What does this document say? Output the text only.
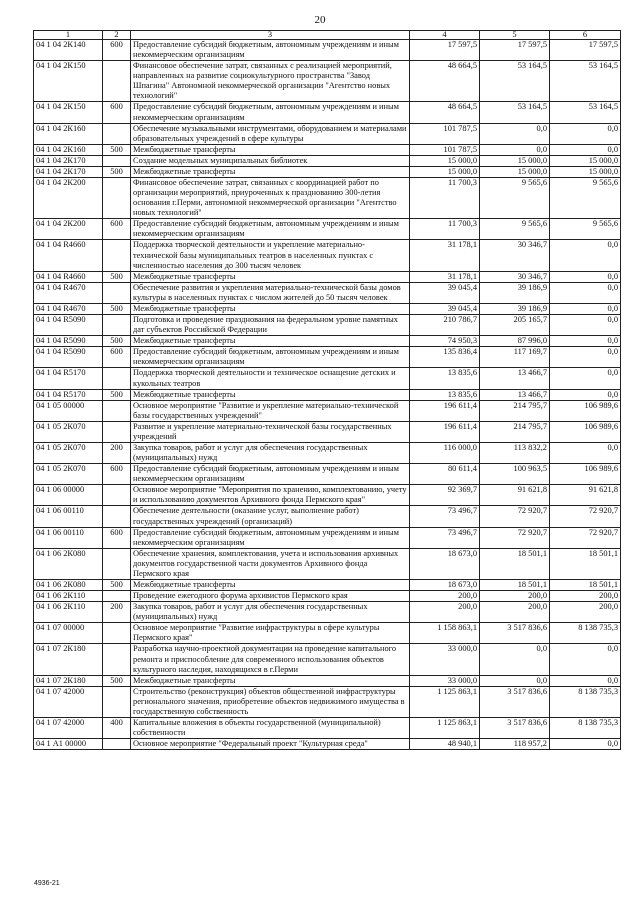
20
1	2	3	4	5	6
04 1 04 2К140	600	Предоставление субсидий бюджетным, автономным учреждениям и иным некоммерческим организациям	17 597,5	17 597,5	17 597,5
04 1 04 2К150		Финансовое обеспечение затрат, связанных с реализацией мероприятий, направленных на развитие социокультурного пространства "Завод Шпагина" Автономной некоммерческой организации "Агентство новых технологий"	48 664,5	53 164,5	53 164,5
04 1 04 2К150	600	Предоставление субсидий бюджетным, автономным учреждениям и иным некоммерческим организациям	48 664,5	53 164,5	53 164,5
04 1 04 2К160		Обеспечение музыкальными инструментами, оборудованием и материалами образовательных учреждений в сфере культуры	101 787,5	0,0	0,0
04 1 04 2К160	500	Межбюджетные трансферты	101 787,5	0,0	0,0
04 1 04 2К170		Создание модельных муниципальных библиотек	15 000,0	15 000,0	15 000,0
04 1 04 2К170	500	Межбюджетные трансферты	15 000,0	15 000,0	15 000,0
04 1 04 2К200		Финансовое обеспечение затрат, связанных с координацией работ по организации мероприятий, приуроченных к празднованию 300-летия основания г.Перми, автономной некоммерческой организации "Агентство новых технологий"	11 700,3	9 565,6	9 565,6
04 1 04 2К200	600	Предоставление субсидий бюджетным, автономным учреждениям и иным некоммерческим организациям	11 700,3	9 565,6	9 565,6
04 1 04 R4660		Поддержка творческой деятельности и укрепление материально-технической базы муниципальных театров в населенных пунктах с численностью населения до 300 тысяч человек	31 178,1	30 346,7	0,0
04 1 04 R4660	500	Межбюджетные трансферты	31 178,1	30 346,7	0,0
04 1 04 R4670		Обеспечение развития и укрепления материально-технической базы домов культуры в населенных пунктах с числом жителей до 50 тысяч человек	39 045,4	39 186,9	0,0
04 1 04 R4670	500	Межбюджетные трансферты	39 045,4	39 186,9	0,0
04 1 04 R5090		Подготовка и проведение празднования на федеральном уровне памятных дат субъектов Российской Федерации	210 786,7	205 165,7	0,0
04 1 04 R5090	500	Межбюджетные трансферты	74 950,3	87 996,0	0,0
04 1 04 R5090	600	Предоставление субсидий бюджетным, автономным учреждениям и иным некоммерческим организациям	135 836,4	117 169,7	0,0
04 1 04 R5170		Поддержка творческой деятельности и техническое оснащение детских и кукольных театров	13 835,6	13 466,7	0,0
04 1 04 R5170	500	Межбюджетные трансферты	13 835,6	13 466,7	0,0
04 1 05 00000		Основное мероприятие "Развитие и укрепление материально-технической базы государственных учреждений"	196 611,4	214 795,7	106 989,6
04 1 05 2К070		Развитие и укрепление материально-технической базы государственных учреждений	196 611,4	214 795,7	106 989,6
04 1 05 2К070	200	Закупка товаров, работ и услуг для обеспечения государственных (муниципальных) нужд	116 000,0	113 832,2	0,0
04 1 05 2К070	600	Предоставление субсидий бюджетным, автономным учреждениям и иным некоммерческим организациям	80 611,4	100 963,5	106 989,6
04 1 06 00000		Основное мероприятие "Мероприятия по хранению, комплектованию, учету и использованию документов Архивного фонда Пермского края"	92 369,7	91 621,8	91 621,8
04 1 06 00110		Обеспечение деятельности (оказание услуг, выполнение работ) государственных учреждений (организаций)	73 496,7	72 920,7	72 920,7
04 1 06 00110	600	Предоставление субсидий бюджетным, автономным учреждениям и иным некоммерческим организациям	73 496,7	72 920,7	72 920,7
04 1 06 2К080		Обеспечение хранения, комплектования, учета и использования архивных документов государственной части документов Архивного фонда Пермского края	18 673,0	18 501,1	18 501,1
04 1 06 2К080	500	Межбюджетные трансферты	18 673,0	18 501,1	18 501,1
04 1 06 2К110		Проведение ежегодного форума архивистов Пермского края	200,0	200,0	200,0
04 1 06 2К110	200	Закупка товаров, работ и услуг для обеспечения государственных (муниципальных) нужд	200,0	200,0	200,0
04 1 07 00000		Основное мероприятие "Развитие инфраструктуры в сфере культуры Пермского края"	1 158 863,1	3 517 836,6	8 138 735,3
04 1 07 2К180		Разработка научно-проектной документации на проведение капитального ремонта и приспособление для современного использования объектов культурного наследия, находящихся в г.Перми	33 000,0	0,0	0,0
04 1 07 2К180	500	Межбюджетные трансферты	33 000,0	0,0	0,0
04 1 07 42000		Строительство (реконструкция) объектов общественной инфраструктуры регионального значения, приобретение объектов недвижимого имущества в государственную собственность	1 125 863,1	3 517 836,6	8 138 735,3
04 1 07 42000	400	Капитальные вложения в объекты государственной (муниципальной) собственности	1 125 863,1	3 517 836,6	8 138 735,3
04 1 А1 00000		Основное мероприятие "Федеральный проект "Культурная среда"	48 940,1	118 957,2	0,0
4936-21
